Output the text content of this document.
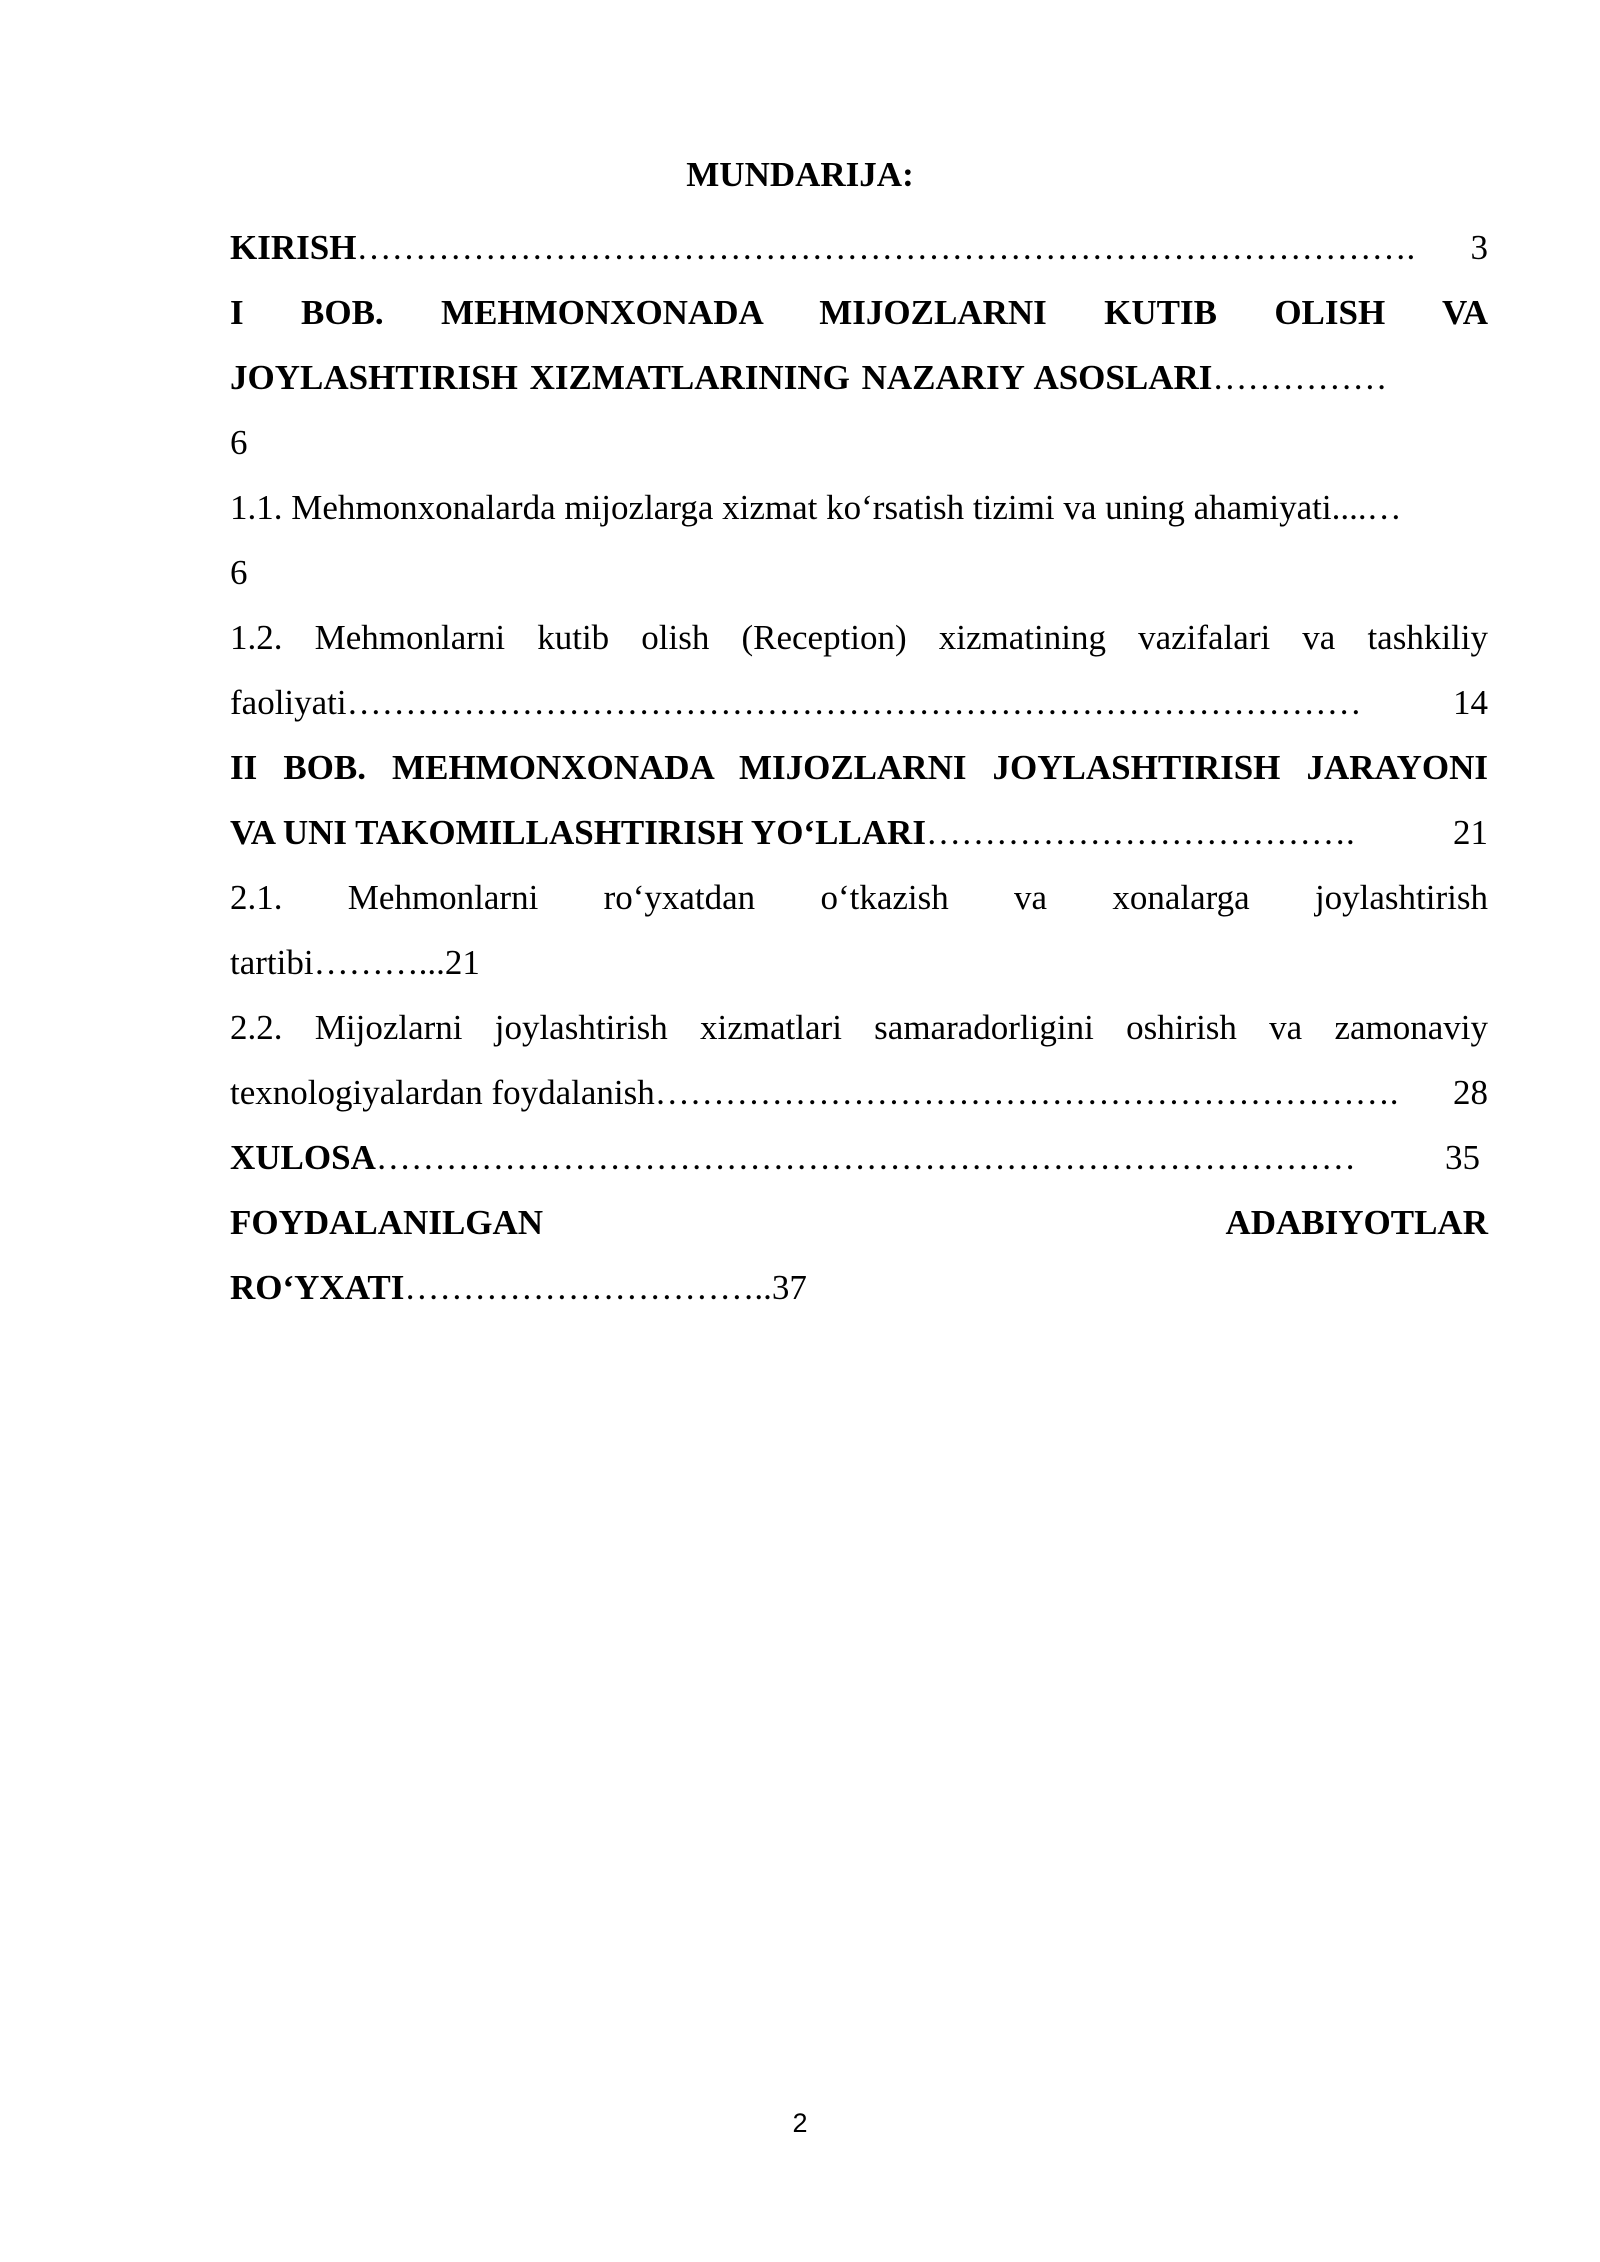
MUNDARIJA:
KIRISH ……………………………………………………………………………….	3
I BOB. MEHMONXONADA MIJOZLARNI KUTIB OLISH VA
JOYLASHTIRISH XIZMATLARINING NAZARIY ASOSLARI ……………
6
1.1. Mehmonxonalarda mijozlarga xizmat ko‘rsatish tizimi va uning ahamiyati... .…
6
1.2. Mehmonlarni kutib olish (Reception) xizmatining vazifalari va tashkiliy
faoliyati ……………………………………………………………………………	14
II BOB. MEHMONXONADA MIJOZLARNI JOYLASHTIRISH JARAYONI
VA UNI TAKOMILLASHTIRISH YO‘LLARI ……………………………….	21
2.1. Mehmonlarni ro‘yxatdan o‘tkazish va xonalarga joylashtirish
tartibi………...21
2.2. Mijozlarni joylashtirish xizmatlari samaradorligini oshirish va zamonaviy
texnologiyalardan foydalanish ……………………………………………………….	28
XULOSA …………………………………………………………………………	35
FOYDALANILGAN	ADABIYOTLAR
RO‘YXATI…………………………..37
2
